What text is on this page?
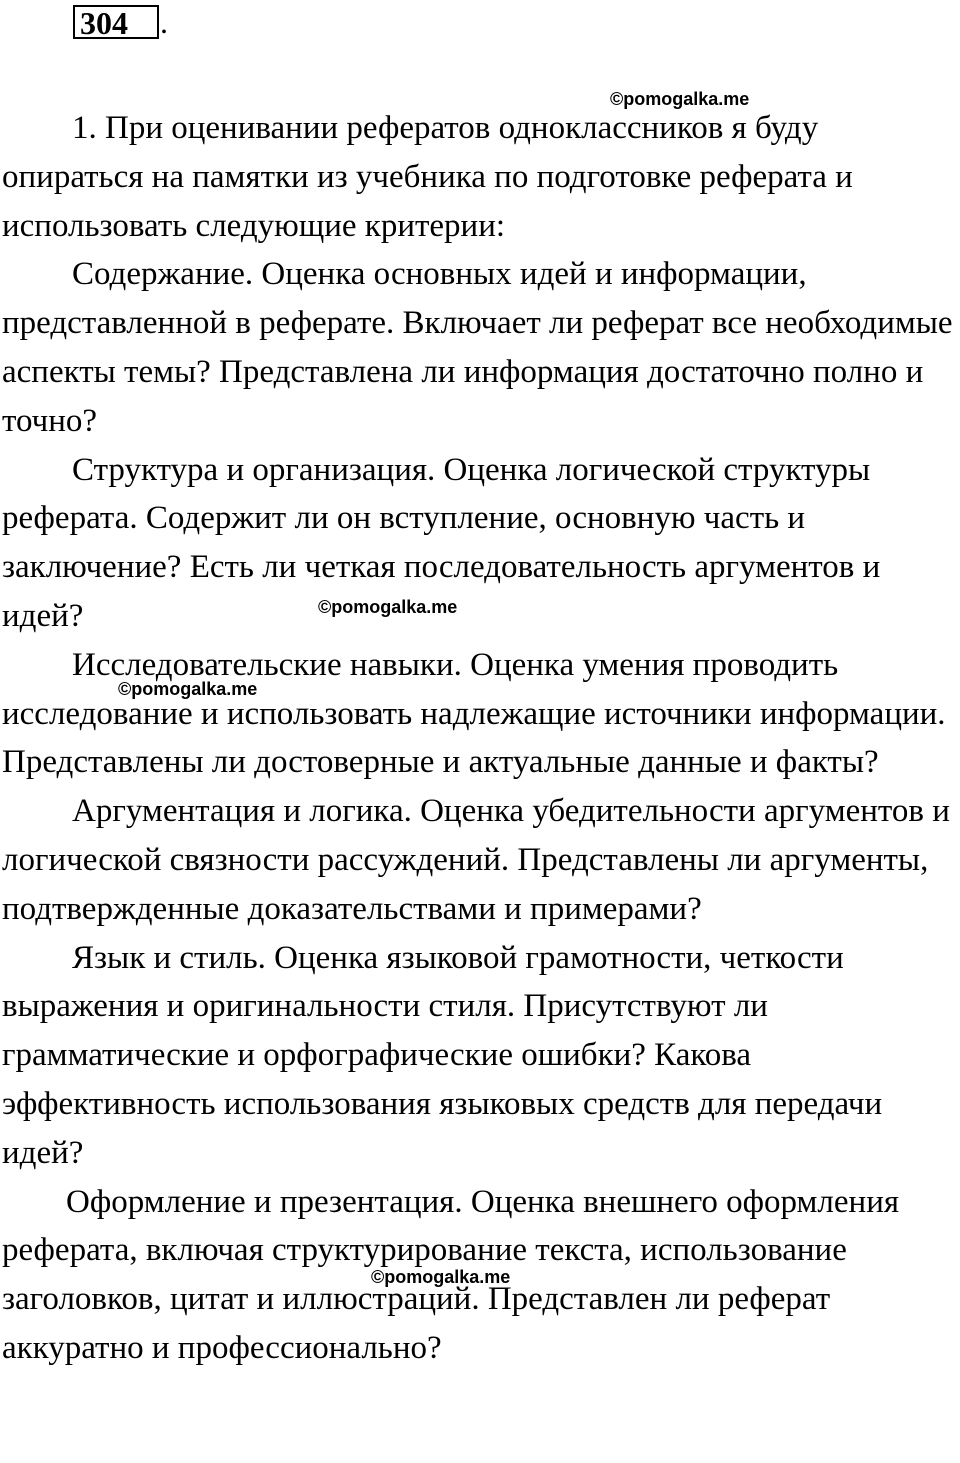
304	.

1. При оценивании рефератов одноклассников я буду опираться на памятки из учебника по подготовке реферата и использовать следующие критерии:

Содержание. Оценка основных идей и информации, представленной в реферате. Включает ли реферат все необходимые аспекты темы? Представлена ли информация достаточно полно и точно?

Структура и организация. Оценка логической структуры реферата. Содержит ли он вступление, основную часть и заключение? Есть ли четкая последовательность аргументов и идей?

Исследовательские навыки. Оценка умения проводить исследование и использовать надлежащие источники информации. Представлены ли достоверные и актуальные данные и факты?

Аргументация и логика. Оценка убедительности аргументов и логической связности рассуждений. Представлены ли аргументы, подтвержденные доказательствами и примерами?

Язык и стиль. Оценка языковой грамотности, четкости выражения и оригинальности стиля. Присутствуют ли грамматические и орфографические ошибки? Какова эффективность использования языковых средств для передачи идей?

Оформление и презентация. Оценка внешнего оформления реферата, включая структурирование текста, использование заголовков, цитат и иллюстраций. Представлен ли реферат аккуратно и профессионально?

©pomogalka.me
©pomogalka.me
©pomogalka.me
©pomogalka.me
